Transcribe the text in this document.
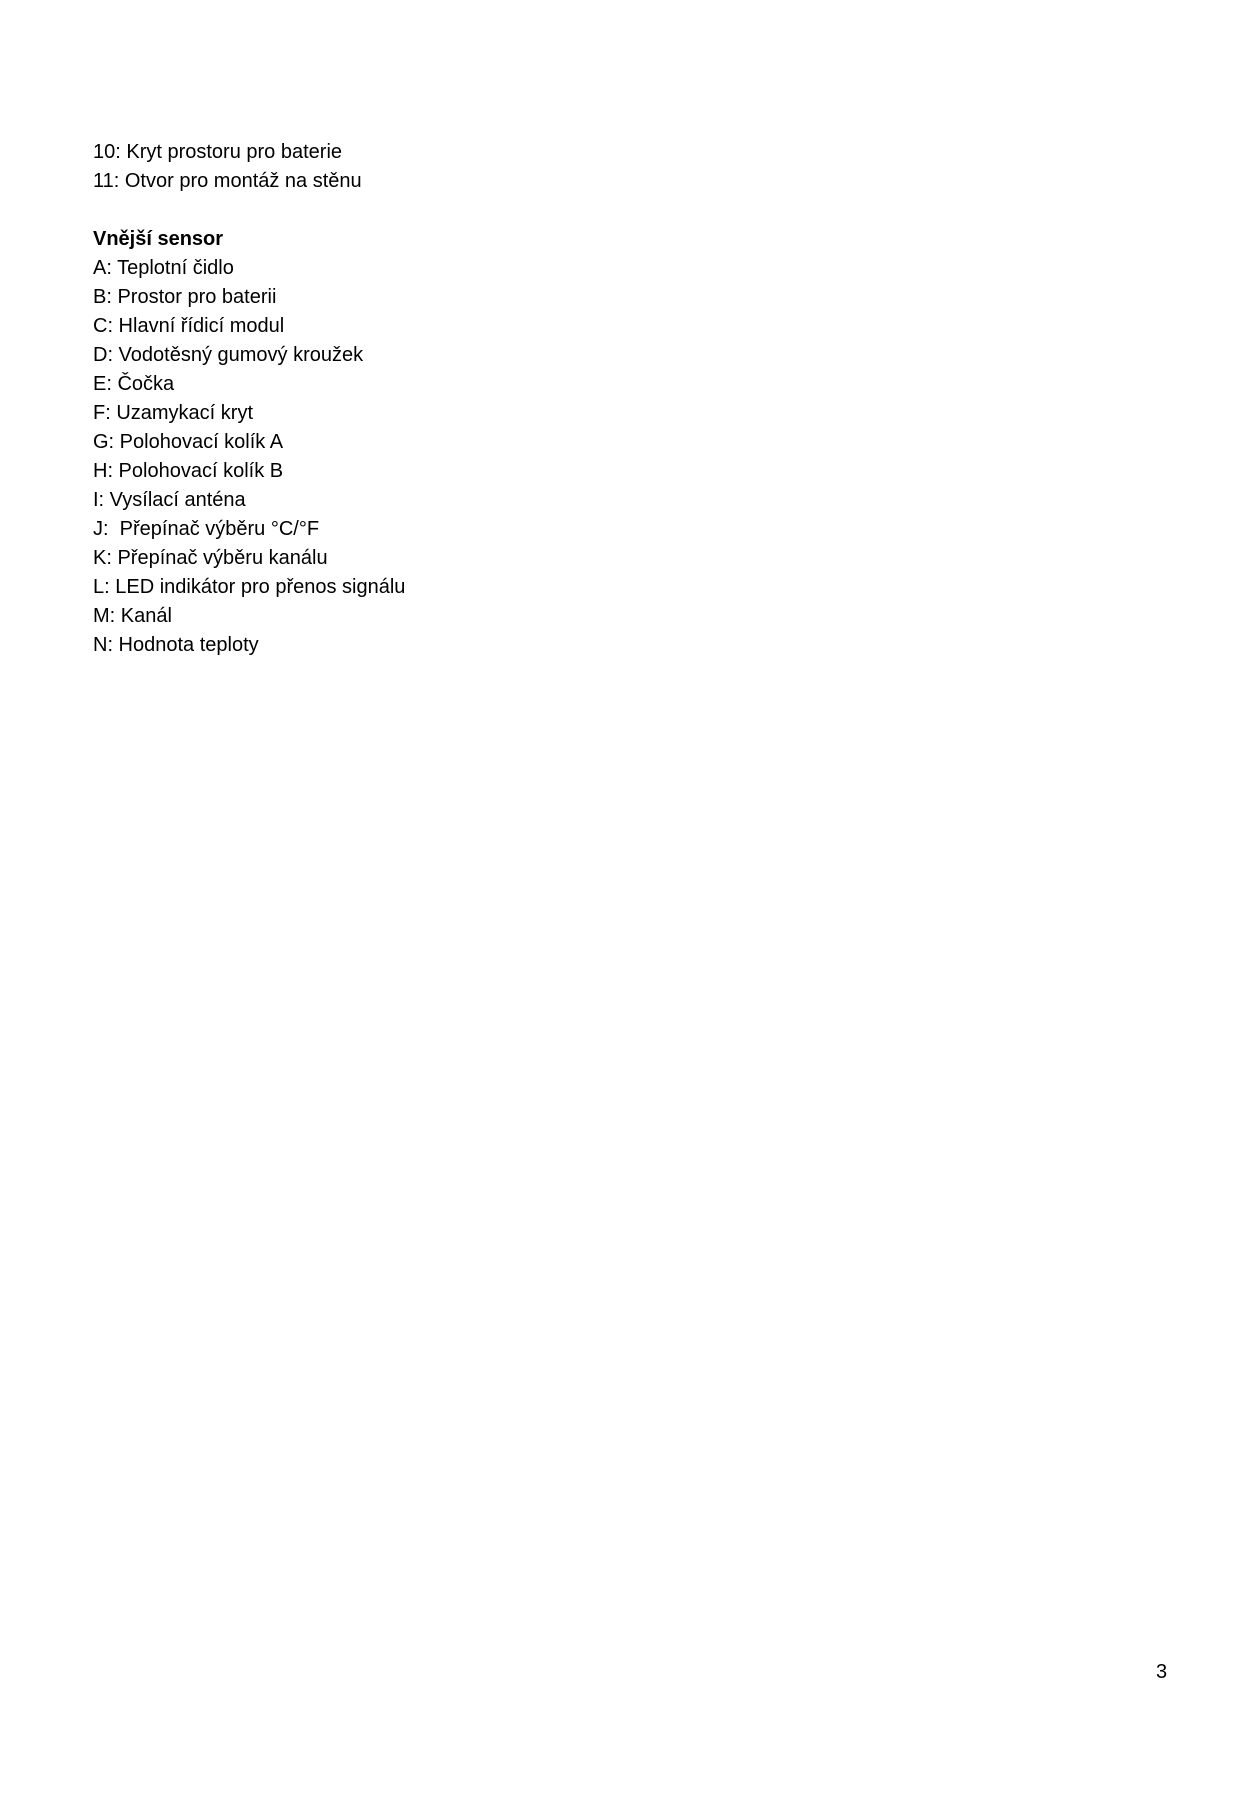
10: Kryt prostoru pro baterie
11: Otvor pro montáž na stěnu
Vnější sensor
A: Teplotní čidlo
B: Prostor pro baterii
C: Hlavní řídicí modul
D: Vodotěsný gumový kroužek
E: Čočka
F: Uzamykací kryt
G: Polohovací kolík A
H: Polohovací kolík B
I: Vysílací anténa
J:  Přepínač výběru °C/°F
K: Přepínač výběru kanálu
L: LED indikátor pro přenos signálu
M: Kanál
N: Hodnota teploty
3
